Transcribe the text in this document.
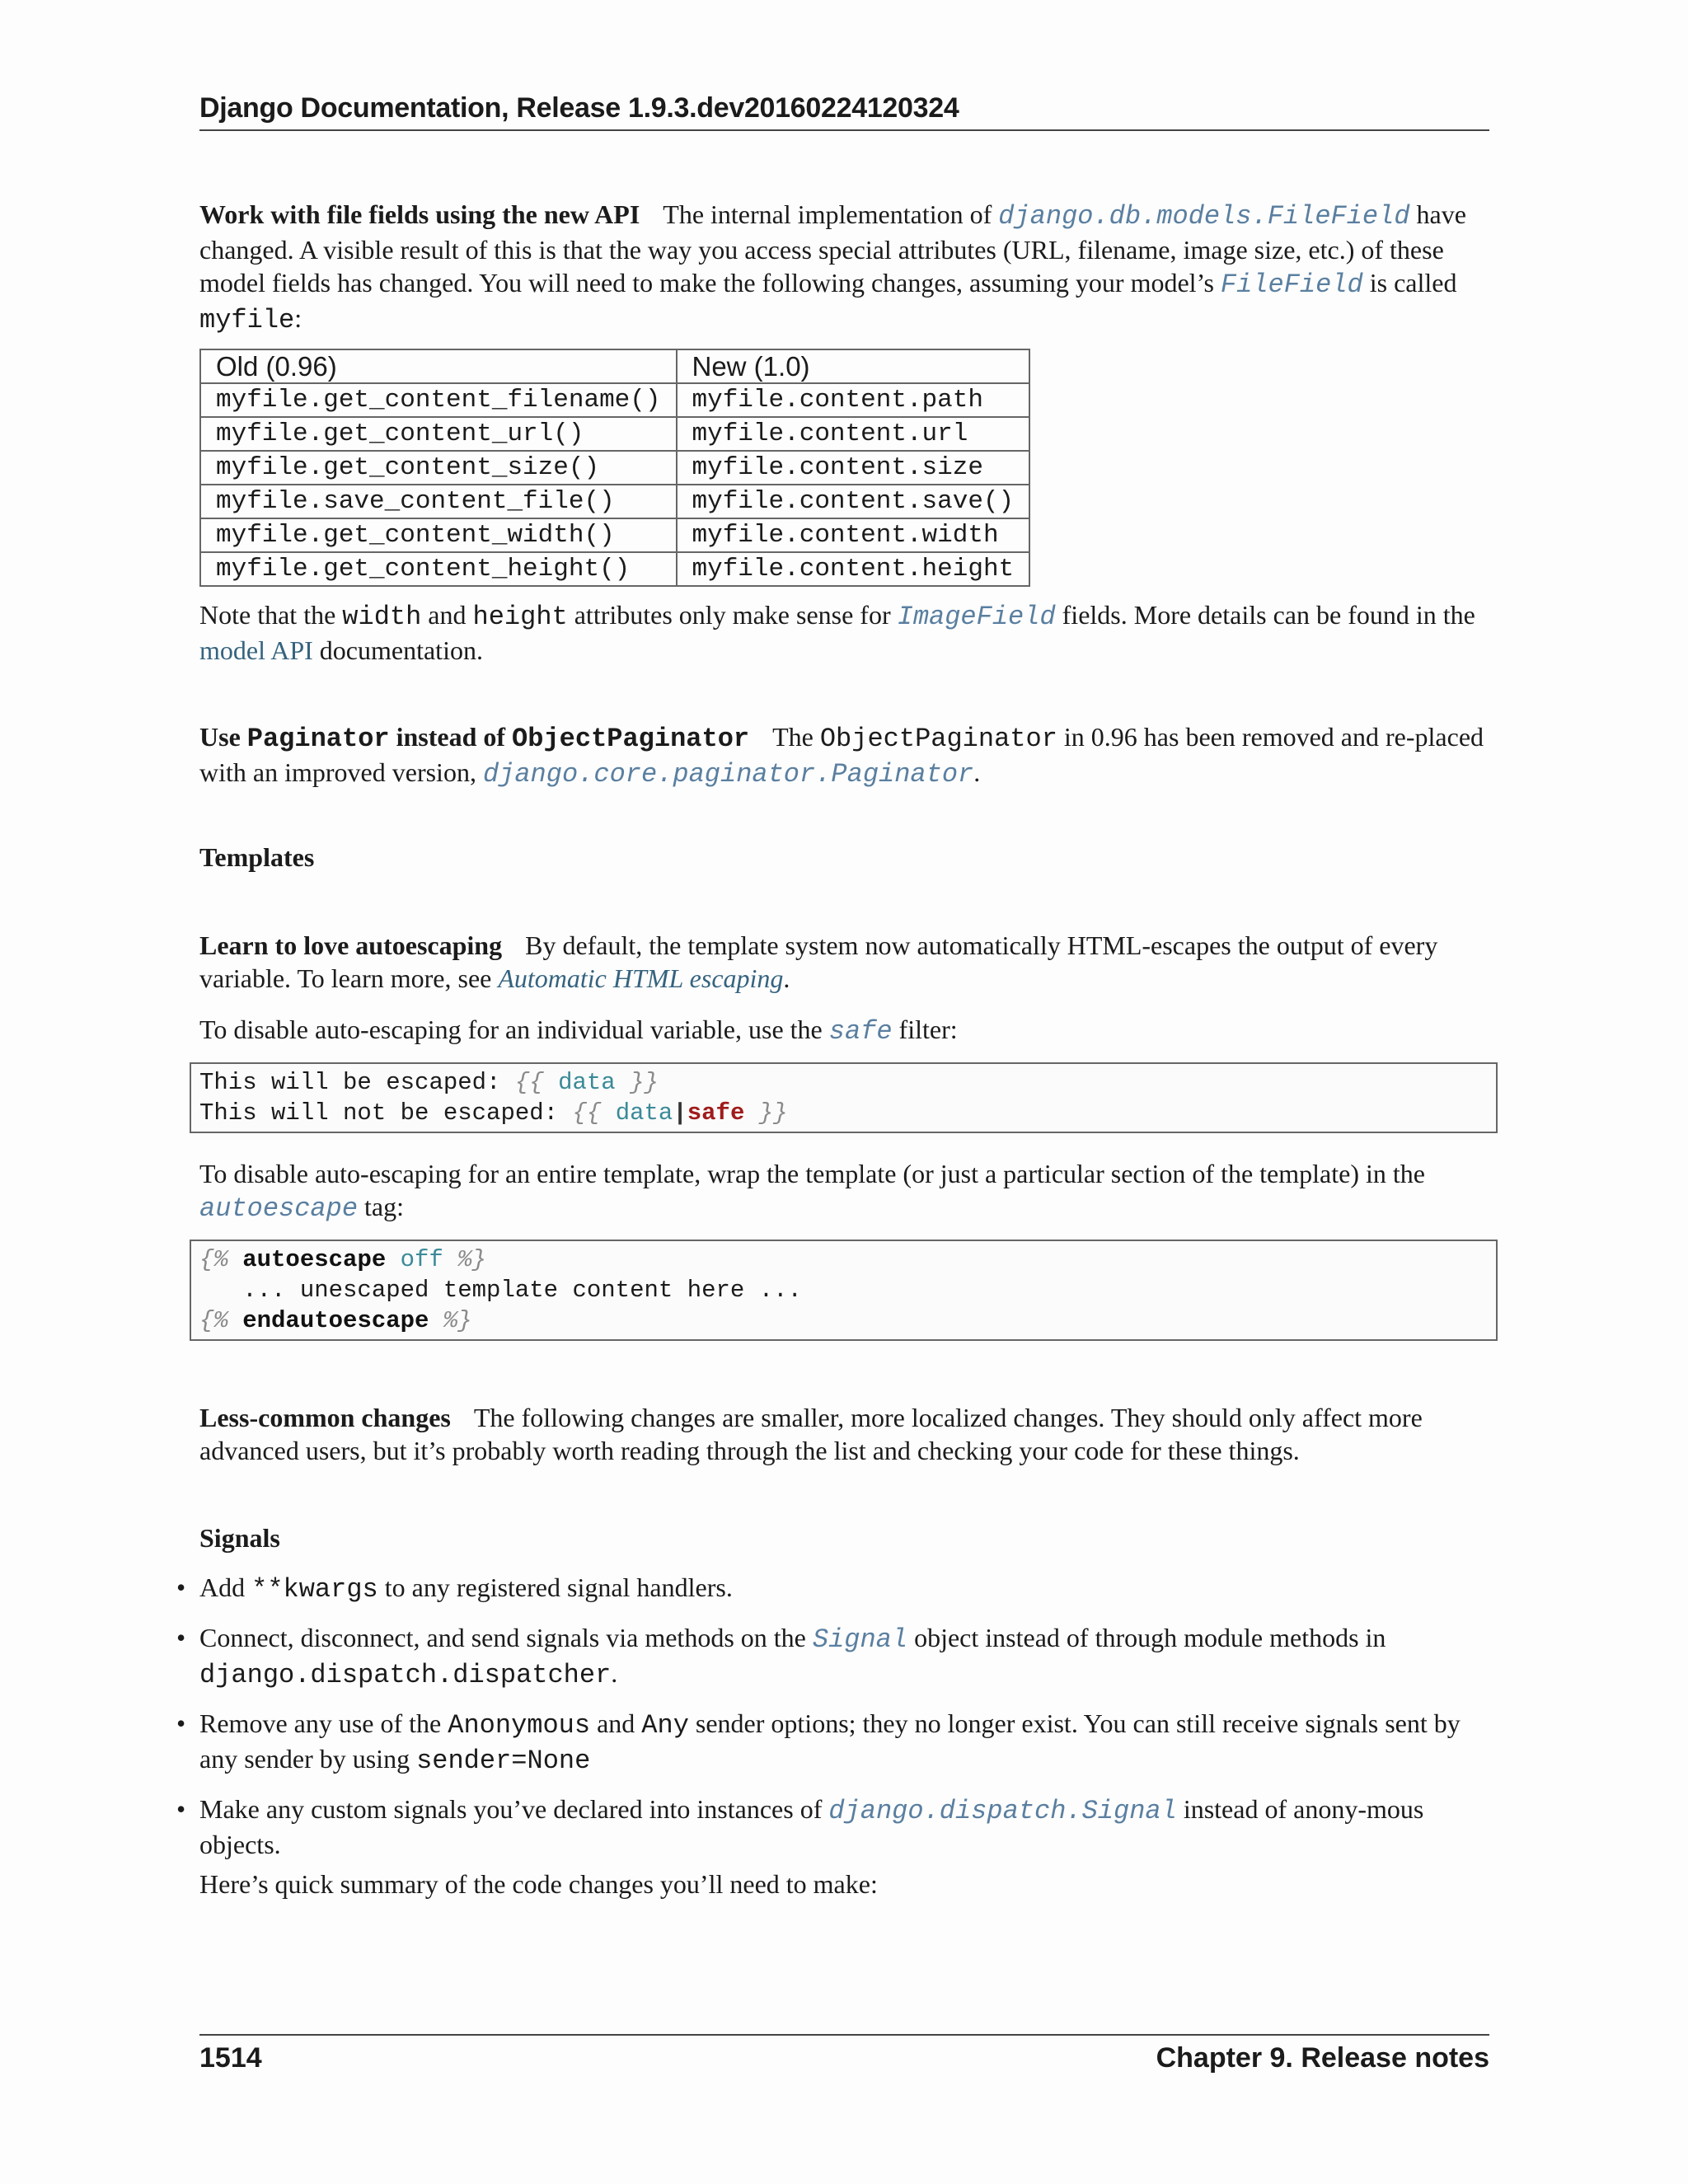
Django Documentation, Release 1.9.3.dev20160224120324

Work with file fields using the new API The internal implementation of django.db.models.FileField have changed. A visible result of this is that the way you access special attributes (URL, filename, image size, etc.) of these model fields has changed. You will need to make the following changes, assuming your model’s FileField is called myfile:

Old (0.96)	New (1.0)
myfile.get_content_filename()	myfile.content.path
myfile.get_content_url()	myfile.content.url
myfile.get_content_size()	myfile.content.size
myfile.save_content_file()	myfile.content.save()
myfile.get_content_width()	myfile.content.width
myfile.get_content_height()	myfile.content.height

Note that the width and height attributes only make sense for ImageField fields. More details can be found in the model API documentation.

Use Paginator instead of ObjectPaginator The ObjectPaginator in 0.96 has been removed and re-placed with an improved version, django.core.paginator.Paginator.

Templates

Learn to love autoescaping By default, the template system now automatically HTML-escapes the output of every variable. To learn more, see Automatic HTML escaping.

To disable auto-escaping for an individual variable, use the safe filter:

This will be escaped: {{ data }}
This will not be escaped: {{ data|safe }}

To disable auto-escaping for an entire template, wrap the template (or just a particular section of the template) in the autoescape tag:

{% autoescape off %}
... unescaped template content here ...
{% endautoescape %}

Less-common changes The following changes are smaller, more localized changes. They should only affect more advanced users, but it’s probably worth reading through the list and checking your code for these things.

Signals
• Add **kwargs to any registered signal handlers.
• Connect, disconnect, and send signals via methods on the Signal object instead of through module methods in django.dispatch.dispatcher.
• Remove any use of the Anonymous and Any sender options; they no longer exist. You can still receive signals sent by any sender by using sender=None
• Make any custom signals you’ve declared into instances of django.dispatch.Signal instead of anony-mous objects.
Here’s quick summary of the code changes you’ll need to make:
1514	Chapter 9. Release notes
